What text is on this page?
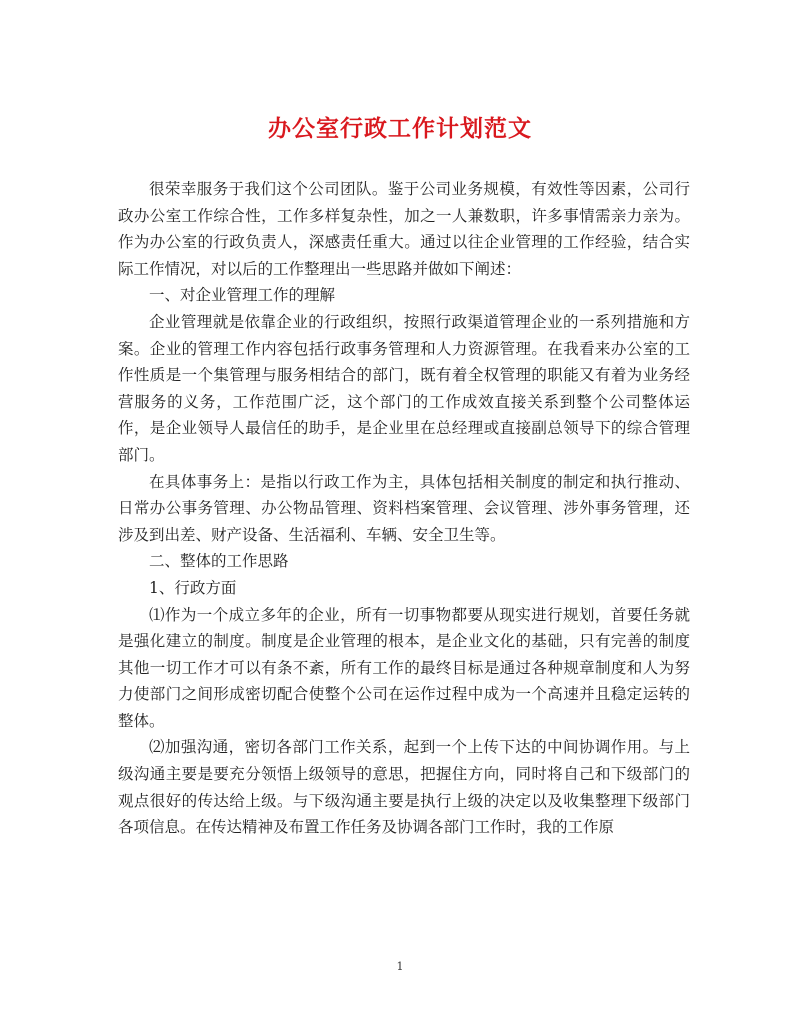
办公室行政工作计划范文

很荣幸服务于我们这个公司团队。鉴于公司业务规模，有效性等因素，公司行政办公室工作综合性，工作多样复杂性，加之一人兼数职，许多事情需亲力亲为。作为办公室的行政负责人，深感责任重大。通过以往企业管理的工作经验，结合实际工作情况，对以后的工作整理出一些思路并做如下阐述：

一、对企业管理工作的理解

企业管理就是依靠企业的行政组织，按照行政渠道管理企业的一系列措施和方案。企业的管理工作内容包括行政事务管理和人力资源管理。在我看来办公室的工作性质是一个集管理与服务相结合的部门，既有着全权管理的职能又有着为业务经营服务的义务，工作范围广泛，这个部门的工作成效直接关系到整个公司整体运作，是企业领导人最信任的助手，是企业里在总经理或直接副总领导下的综合管理部门。

在具体事务上：是指以行政工作为主，具体包括相关制度的制定和执行推动、日常办公事务管理、办公物品管理、资料档案管理、会议管理、涉外事务管理，还涉及到出差、财产设备、生活福利、车辆、安全卫生等。

二、整体的工作思路

1、行政方面

⑴作为一个成立多年的企业，所有一切事物都要从现实进行规划，首要任务就是强化建立的制度。制度是企业管理的根本，是企业文化的基础，只有完善的制度其他一切工作才可以有条不紊，所有工作的最终目标是通过各种规章制度和人为努力使部门之间形成密切配合使整个公司在运作过程中成为一个高速并且稳定运转的整体。

⑵加强沟通，密切各部门工作关系，起到一个上传下达的中间协调作用。与上级沟通主要是要充分领悟上级领导的意思，把握住方向，同时将自己和下级部门的观点很好的传达给上级。与下级沟通主要是执行上级的决定以及收集整理下级部门各项信息。在传达精神及布置工作任务及协调各部门工作时，我的工作原

1
